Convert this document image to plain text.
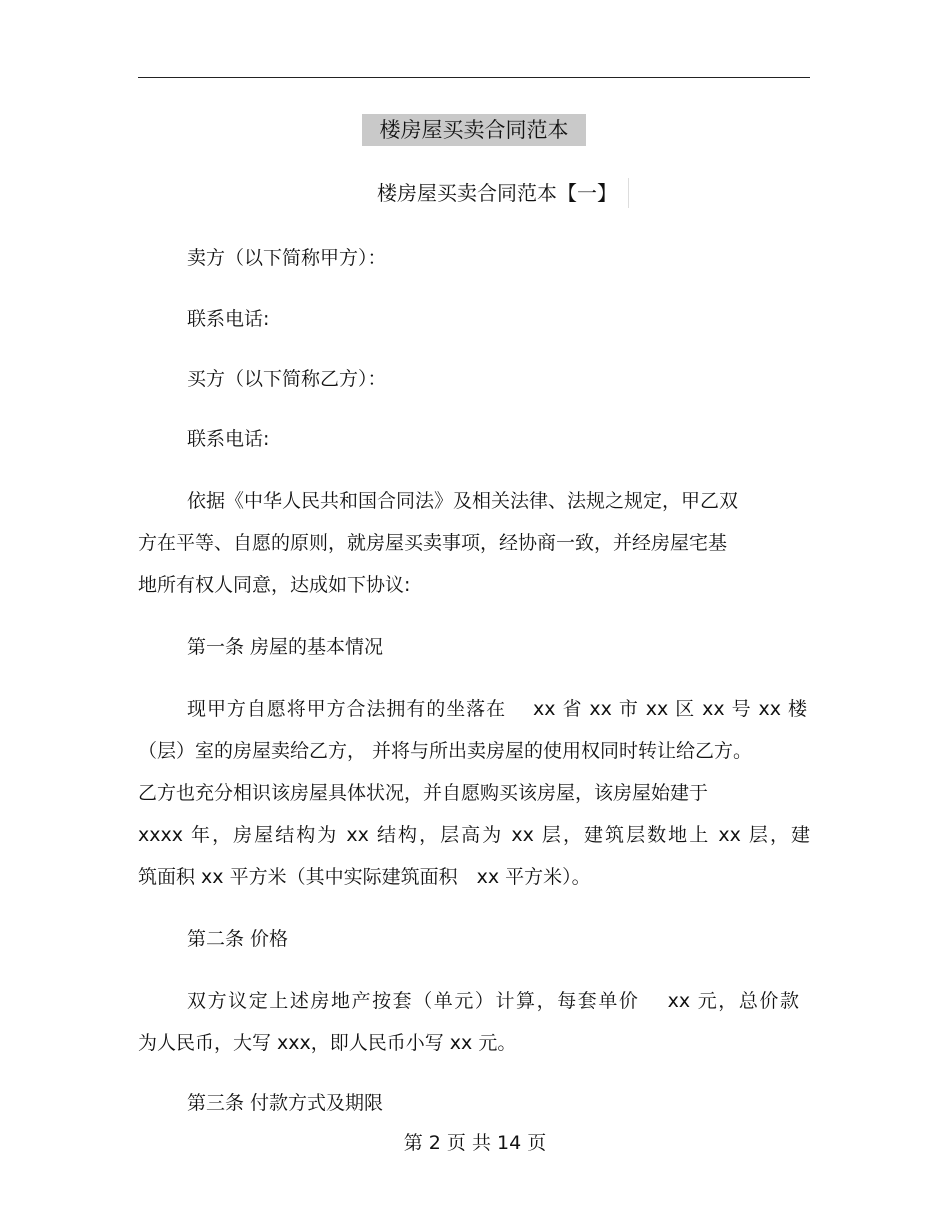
楼房屋买卖合同范本
楼房屋买卖合同范本【一】
卖方（以下简称甲方）：
联系电话:
买方（以下简称乙方）：
联系电话:
依据《中华人民共和国合同法》及相关法律、法规之规定，甲乙双
方在平等、自愿的原则，就房屋买卖事项，经协商一致，并经房屋宅基
地所有权人同意，达成如下协议:
第一条 房屋的基本情况
现甲方自愿将甲方合法拥有的坐落在　 xx 省 xx 市 xx 区 xx 号 xx 楼
（层）室的房屋卖给乙方， 并将与所出卖房屋的使用权同时转让给乙方。
乙方也充分相识该房屋具体状况，并自愿购买该房屋，该房屋始建于
xxxx 年，房屋结构为 xx 结构，层高为 xx 层，建筑层数地上 xx 层，建
筑面积 xx 平方米（其中实际建筑面积　xx 平方米）。
第二条 价格
双方议定上述房地产按套（单元）计算，每套单价　 xx 元，总价款
为人民币，大写 xxx，即人民币小写 xx 元。
第三条 付款方式及期限
第 2 页 共 14 页
